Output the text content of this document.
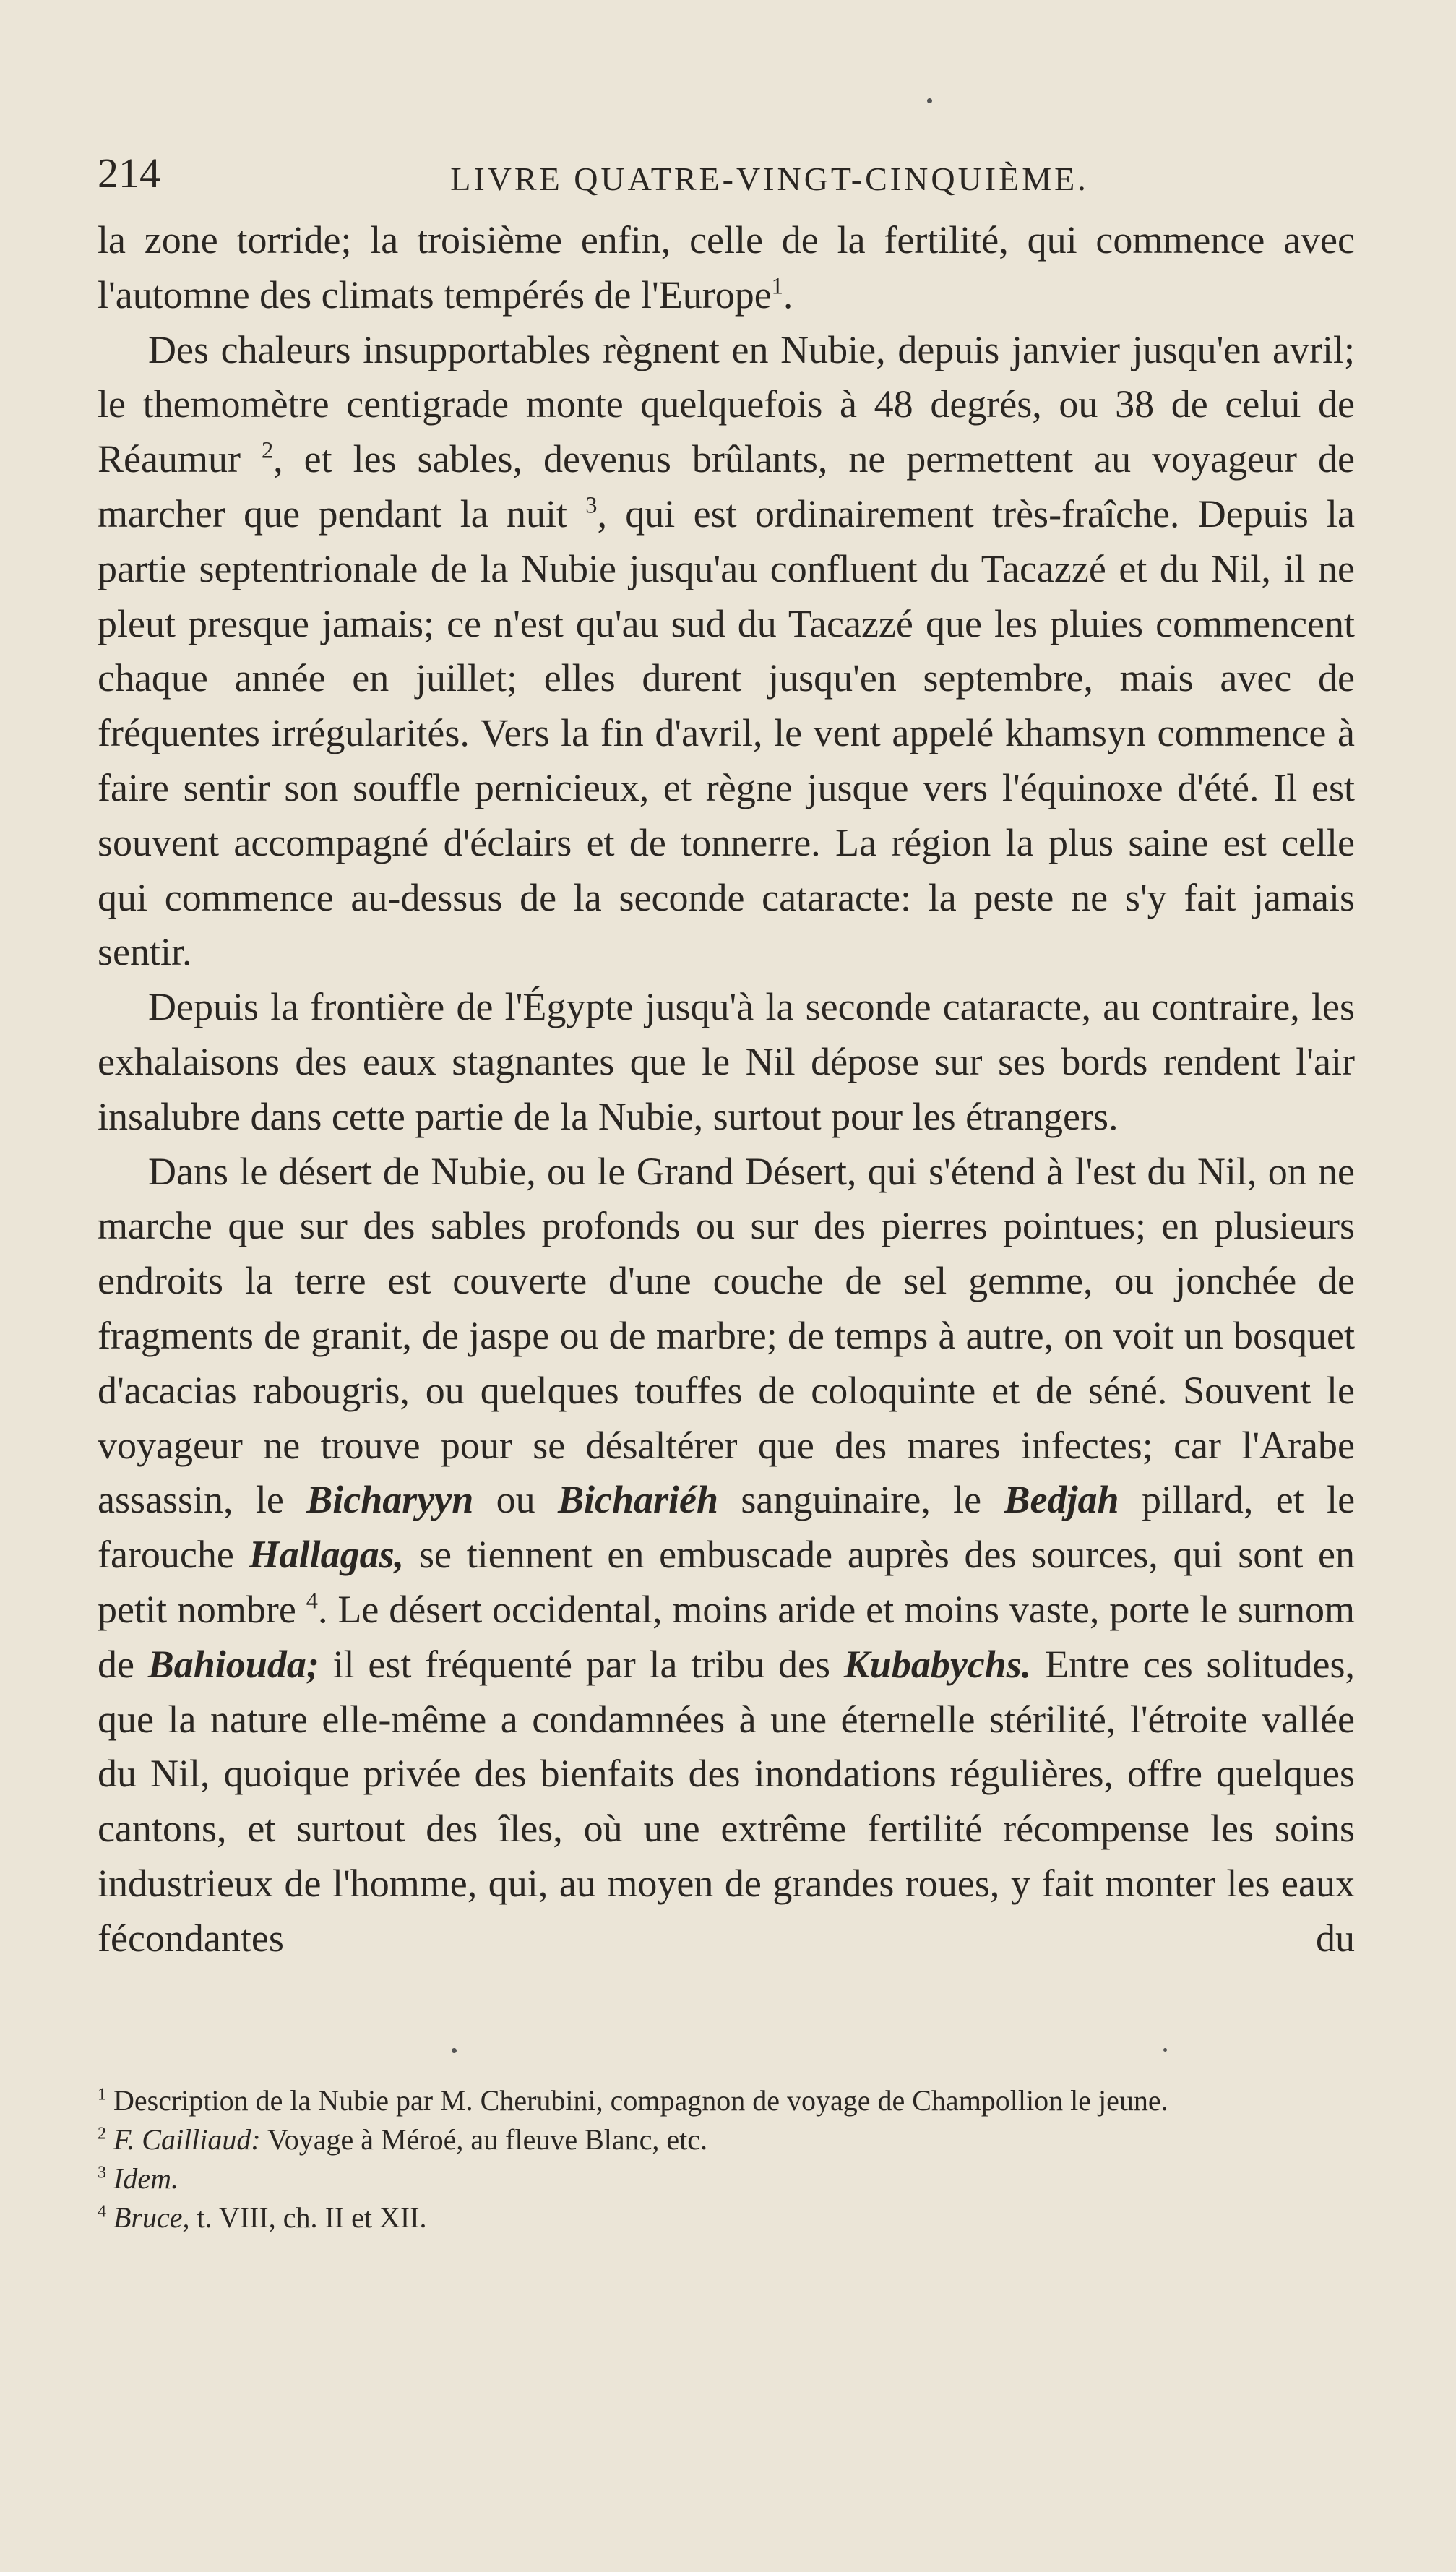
214	LIVRE QUATRE-VINGT-CINQUIÈME.

la zone torride; la troisième enfin, celle de la fertilité, qui commence avec l'automne des climats tempérés de l'Europe$^1$.

Des chaleurs insupportables règnent en Nubie, depuis janvier jusqu'en avril; le themomètre centigrade monte quelquefois à 48 degrés, ou 38 de celui de Réaumur $^2$, et les sables, devenus brûlants, ne permettent au voyageur de marcher que pendant la nuit $^3$, qui est ordinairement très-fraîche. Depuis la partie septentrionale de la Nubie jusqu'au confluent du Tacazzé et du Nil, il ne pleut presque jamais; ce n'est qu'au sud du Tacazzé que les pluies commencent chaque année en juillet; elles durent jusqu'en septembre, mais avec de fréquentes irrégularités. Vers la fin d'avril, le vent appelé khamsyn commence à faire sentir son souffle pernicieux, et règne jusque vers l'équinoxe d'été. Il est souvent accompagné d'éclairs et de tonnerre. La région la plus saine est celle qui commence au-dessus de la seconde cataracte: la peste ne s'y fait jamais sentir.

Depuis la frontière de l'Égypte jusqu'à la seconde cataracte, au contraire, les exhalaisons des eaux stagnantes que le Nil dépose sur ses bords rendent l'air insalubre dans cette partie de la Nubie, surtout pour les étrangers.

Dans le désert de Nubie, ou le Grand Désert, qui s'étend à l'est du Nil, on ne marche que sur des sables profonds ou sur des pierres pointues; en plusieurs endroits la terre est couverte d'une couche de sel gemme, ou jonchée de fragments de granit, de jaspe ou de marbre; de temps à autre, on voit un bosquet d'acacias rabougris, ou quelques touffes de coloquinte et de séné. Souvent le voyageur ne trouve pour se désaltérer que des mares infectes; car l'Arabe assassin, le Bicharyyn ou Bichariéh sanguinaire, le Bedjah pillard, et le farouche Hallagas, se tiennent en embuscade auprès des sources, qui sont en petit nombre $^4$. Le désert occidental, moins aride et moins vaste, porte le surnom de Bahiouda; il est fréquenté par la tribu des Kubabychs. Entre ces solitudes, que la nature elle-même a condamnées à une éternelle stérilité, l'étroite vallée du Nil, quoique privée des bienfaits des inondations régulières, offre quelques cantons, et surtout des îles, où une extrême fertilité récompense les soins industrieux de l'homme, qui, au moyen de grandes roues, y fait monter les eaux fécondantes du

$^1$ Description de la Nubie par M. Cherubini, compagnon de voyage de Champollion le jeune.
$^2$ F. Cailliaud: Voyage à Méroé, au fleuve Blanc, etc.
$^3$ Idem.
$^4$ Bruce, t. VIII, ch. II et XII.
